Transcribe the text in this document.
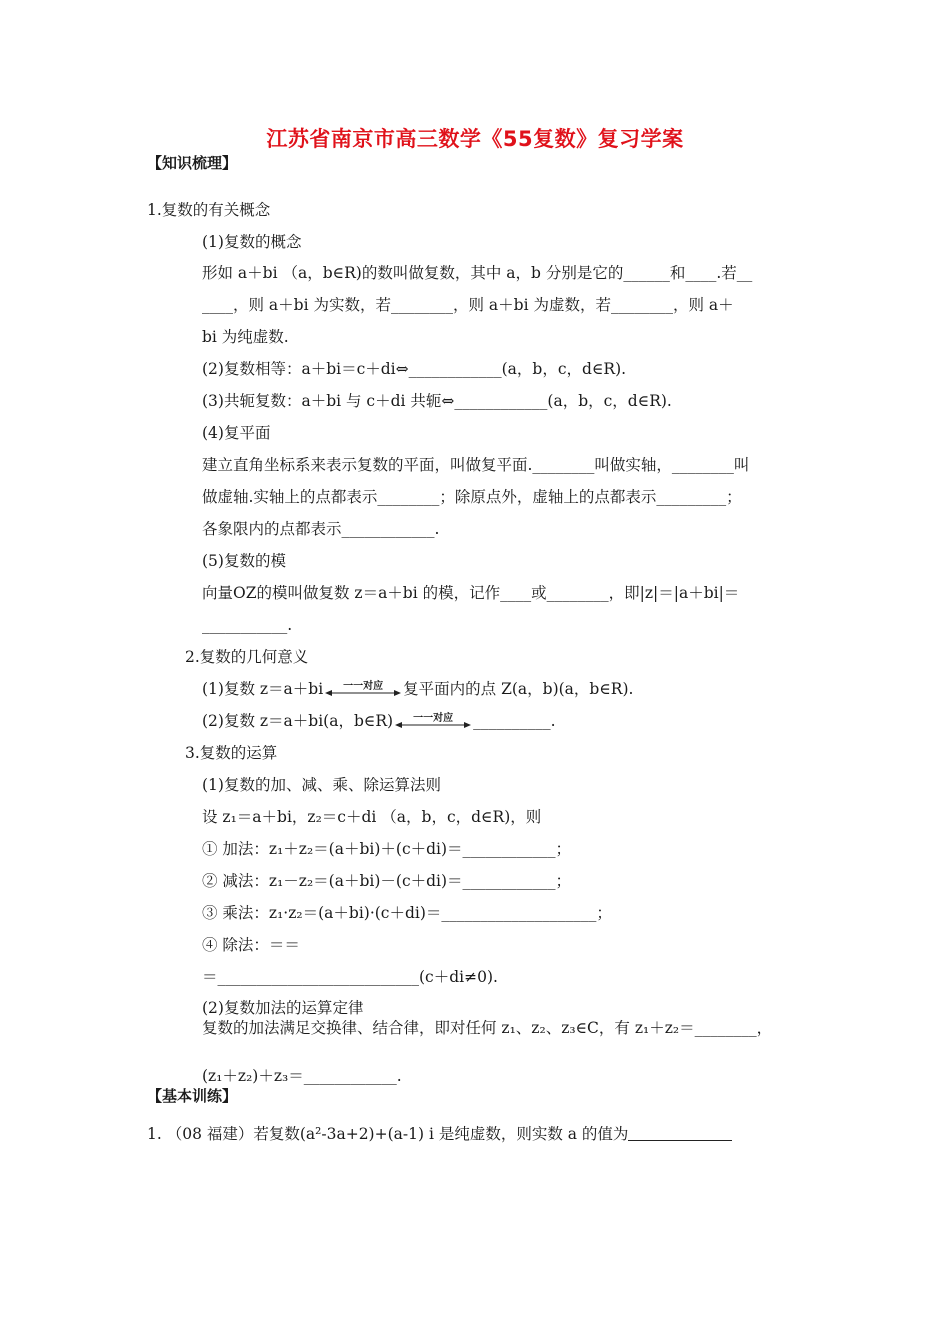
江苏省南京市高三数学《55复数》复习学案
【知识梳理】
1.复数的有关概念
(1)复数的概念
形如 a＋bi （a，b∈R)的数叫做复数，其中 a，b 分别是它的______和____.若__
____，则 a＋bi 为实数，若________，则 a＋bi 为虚数，若________，则 a＋
bi 为纯虚数.
(2)复数相等：a＋bi＝c＋di⇔____________(a，b，c，d∈R).
(3)共轭复数：a＋bi 与 c＋di 共轭⇔____________(a，b，c，d∈R).
(4)复平面
建立直角坐标系来表示复数的平面，叫做复平面.________叫做实轴，________叫
做虚轴.实轴上的点都表示________；除原点外，虚轴上的点都表示_________；
各象限内的点都表示____________.
(5)复数的模
向量OZ的模叫做复数 z＝a＋bi 的模，记作____或________，即|z|＝|a＋bi|＝
___________.
2.复数的几何意义
(1)复数 z＝a＋bi	一一对应	复平面内的点 Z(a，b)(a，b∈R).
(2)复数 z＝a＋bi(a，b∈R)	一一对应	__________.
3.复数的运算
(1)复数的加、减、乘、除运算法则
设 z₁＝a＋bi，z₂＝c＋di （a，b，c，d∈R)，则
① 加法：z₁＋z₂＝(a＋bi)＋(c＋di)＝____________；
② 减法：z₁－z₂＝(a＋bi)－(c＋di)＝____________；
③ 乘法：z₁·z₂＝(a＋bi)·(c＋di)＝____________________；
④ 除法：＝＝
＝__________________________(c＋di≠0).
(2)复数加法的运算定律
复数的加法满足交换律、结合律，即对任何 z₁、z₂、z₃∈C，有 z₁＋z₂＝________，
(z₁＋z₂)＋z₃＝____________.
【基本训练】
1. （08 福建）若复数(a²-3a+2)+(a-1) i 是纯虚数，则实数 a 的值为
